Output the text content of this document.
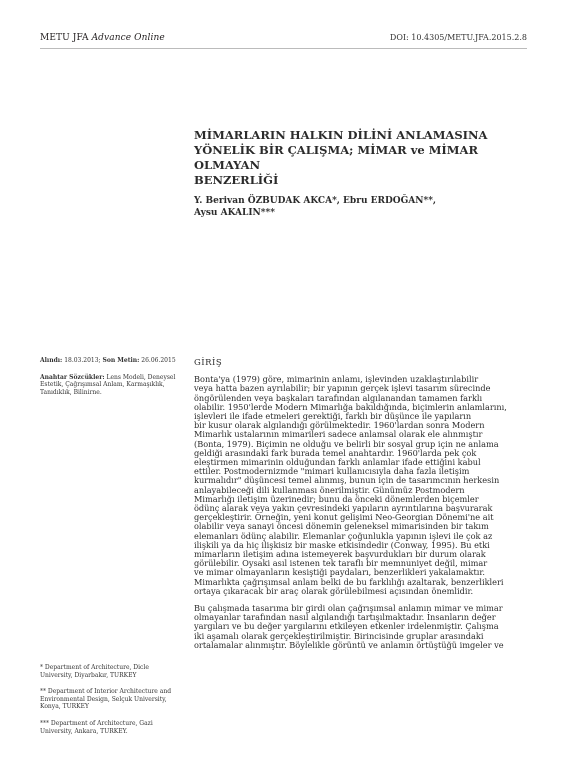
METU JFA Advance Online	DOI: 10.4305/METU.JFA.2015.2.8
MİMARLARIN HALKIN DİLİNİ ANLAMASINA
YÖNELİK BİR ÇALIŞMA; MİMAR ve MİMAR OLMAYAN
BENZERLİĞİ
Y. Berivan ÖZBUDAK AKCA*, Ebru ERDOĞAN**,
Aysu AKALIN***
Alındı: 18.03.2013; Son Metin: 26.06.2015
Anahtar Sözcükler: Lens Modeli, Deneysel Estetik, Çağrışımsal Anlam, Karmaşıklık, Tanıdıklık, Bilinirne.
* Department of Architecture, Dicle
University, Diyarbakır, TURKEY
** Department of Interior Architecture and
Environmental Design, Selçuk University,
Konya, TURKEY
*** Department of Architecture, Gazi
University, Ankara, TURKEY.
GİRİŞ

Bonta'ya (1979) göre, mimarinin anlamı, işlevinden uzaklaştırılabilir
veya hatta bazen ayrılabilir; bir yapının gerçek işlevi tasarım sürecinde
öngörülenden veya başkaları tarafından algılanandan tamamen farklı
olabilir. 1950'lerde Modern Mimarlığa bakıldığında, biçimlerin anlamlarını,
işlevleri ile ifade etmeleri gerektiği, farklı bir düşünce ile yapıların
bir kusur olarak algılandığı görülmektedir. 1960'lardan sonra Modern
Mimarlık ustalarının mimarileri sadece anlamsal olarak ele alınmıştır
(Bonta, 1979). Biçimin ne olduğu ve belirli bir sosyal grup için ne anlama
geldiği arasındaki fark burada temel anahtardır. 1960'larda pek çok
eleştirmen mimarinin olduğundan farklı anlamlar ifade ettiğini kabul
ettiler. Postmodernizmde "mimari kullanıcısıyla daha fazla iletişim
kurmalıdır" düşüncesi temel alınmış, bunun için de tasarımcının herkesin
anlayabileceği dili kullanması önerilmiştir. Günümüz Postmodern
Mimarlığı iletişim üzerinedir; bunu da önceki dönemlerden biçemler
ödünç alarak veya yakın çevresindeki yapıların ayrıntılarına başvurarak
gerçekleştirir. Örneğin, yeni konut gelişimi Neo-Georgian Dönemi'ne ait
olabilir veya sanayi öncesi dönemin geleneksel mimarisinden bir takım
elemanları ödünç alabilir. Elemanlar çoğunlukla yapının işlevi ile çok az
ilişkili ya da hiç ilişkisiz bir maske etkisindedir (Conway, 1995). Bu etki
mimarların iletişim adına istemeyerek başvurdukları bir durum olarak
görülebilir. Oysaki asıl istenen tek taraflı bir memnuniyet değil, mimar
ve mimar olmayanların kesiştiği paydaları, benzerlikleri yakalamaktır.
Mimarlıkta çağrışımsal anlam belki de bu farklılığı azaltarak, benzerlikleri
ortaya çıkaracak bir araç olarak görülebilmesi açısından önemlidir.

Bu çalışmada tasarıma bir girdi olan çağrışımsal anlamın mimar ve mimar
olmayanlar tarafından nasıl algılandığı tartışılmaktadır. İnsanların değer
yargıları ve bu değer yargılarını etkileyen etkenler irdelenmiştir. Çalışma
iki aşamalı olarak gerçekleştirilmiştir. Birincisinde gruplar arasındaki
ortalamalar alınmıştır. Böylelikle görüntü ve anlamın örtüştüğü imgeler ve
